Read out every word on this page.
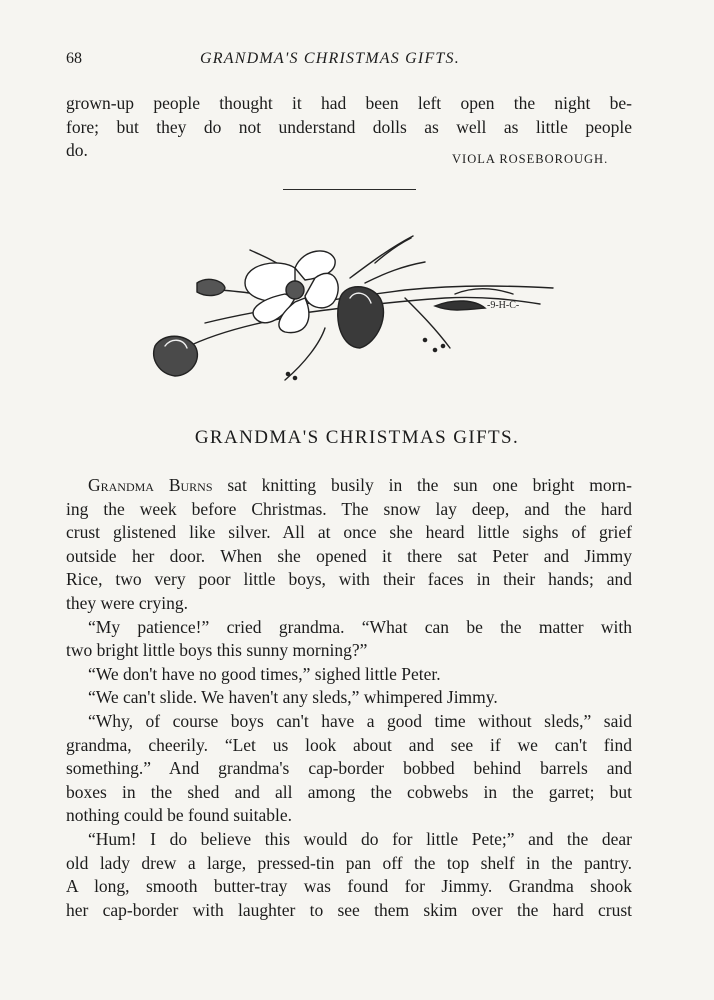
68	GRANDMA'S CHRISTMAS GIFTS.
grown-up people thought it had been left open the night be-
fore; but they do not understand dolls as well as little people
do.	VIOLA ROSEBOROUGH.
-9-H-C-
GRANDMA'S CHRISTMAS GIFTS.
Grandma Burns sat knitting busily in the sun one bright morn-
ing the week before Christmas. The snow lay deep, and the hard
crust glistened like silver. All at once she heard little sighs of grief
outside her door. When she opened it there sat Peter and Jimmy
Rice, two very poor little boys, with their faces in their hands; and
they were crying.
“My patience!” cried grandma. “What can be the matter with
two bright little boys this sunny morning?”
“We don't have no good times,” sighed little Peter.
“We can't slide. We haven't any sleds,” whimpered Jimmy.
“Why, of course boys can't have a good time without sleds,” said
grandma, cheerily. “Let us look about and see if we can't find
something.” And grandma's cap-border bobbed behind barrels and
boxes in the shed and all among the cobwebs in the garret; but
nothing could be found suitable.
“Hum! I do believe this would do for little Pete;” and the dear
old lady drew a large, pressed-tin pan off the top shelf in the pantry.
A long, smooth butter-tray was found for Jimmy. Grandma shook
her cap-border with laughter to see them skim over the hard crust
